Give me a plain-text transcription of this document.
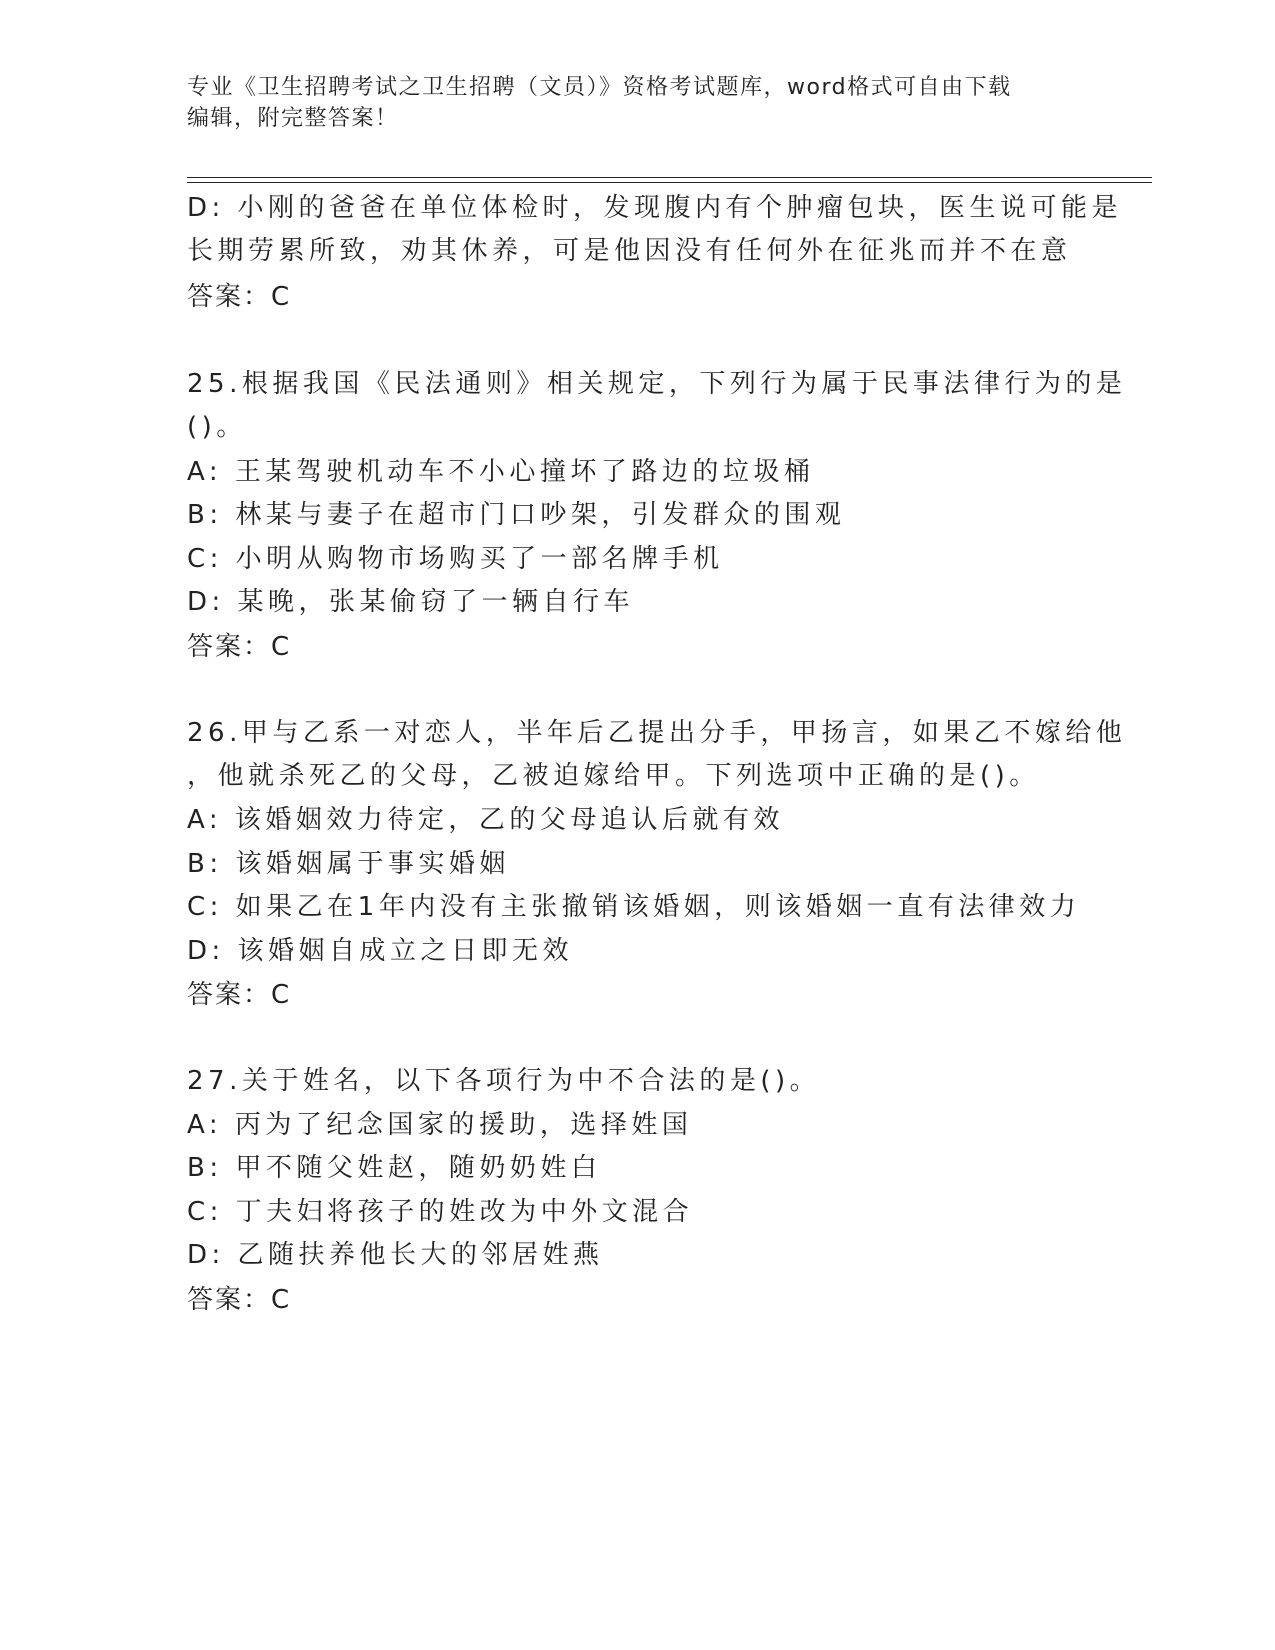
专业《卫生招聘考试之卫生招聘（文员）》资格考试题库，word格式可自由下载
编辑，附完整答案！
D: 小刚的爸爸在单位体检时，发现腹内有个肿瘤包块，医生说可能是
长期劳累所致，劝其休养，可是他因没有任何外在征兆而并不在意
答案：C
25.根据我国《民法通则》相关规定，下列行为属于民事法律行为的是
()。
A: 王某驾驶机动车不小心撞坏了路边的垃圾桶
B: 林某与妻子在超市门口吵架，引发群众的围观
C: 小明从购物市场购买了一部名牌手机
D: 某晚，张某偷窃了一辆自行车
答案：C
26.甲与乙系一对恋人，半年后乙提出分手，甲扬言，如果乙不嫁给他
，他就杀死乙的父母，乙被迫嫁给甲。下列选项中正确的是()。
A: 该婚姻效力待定，乙的父母追认后就有效
B: 该婚姻属于事实婚姻
C: 如果乙在1年内没有主张撤销该婚姻，则该婚姻一直有法律效力
D: 该婚姻自成立之日即无效
答案：C
27.关于姓名，以下各项行为中不合法的是()。
A: 丙为了纪念国家的援助，选择姓国
B: 甲不随父姓赵，随奶奶姓白
C: 丁夫妇将孩子的姓改为中外文混合
D: 乙随扶养他长大的邻居姓燕
答案：C
